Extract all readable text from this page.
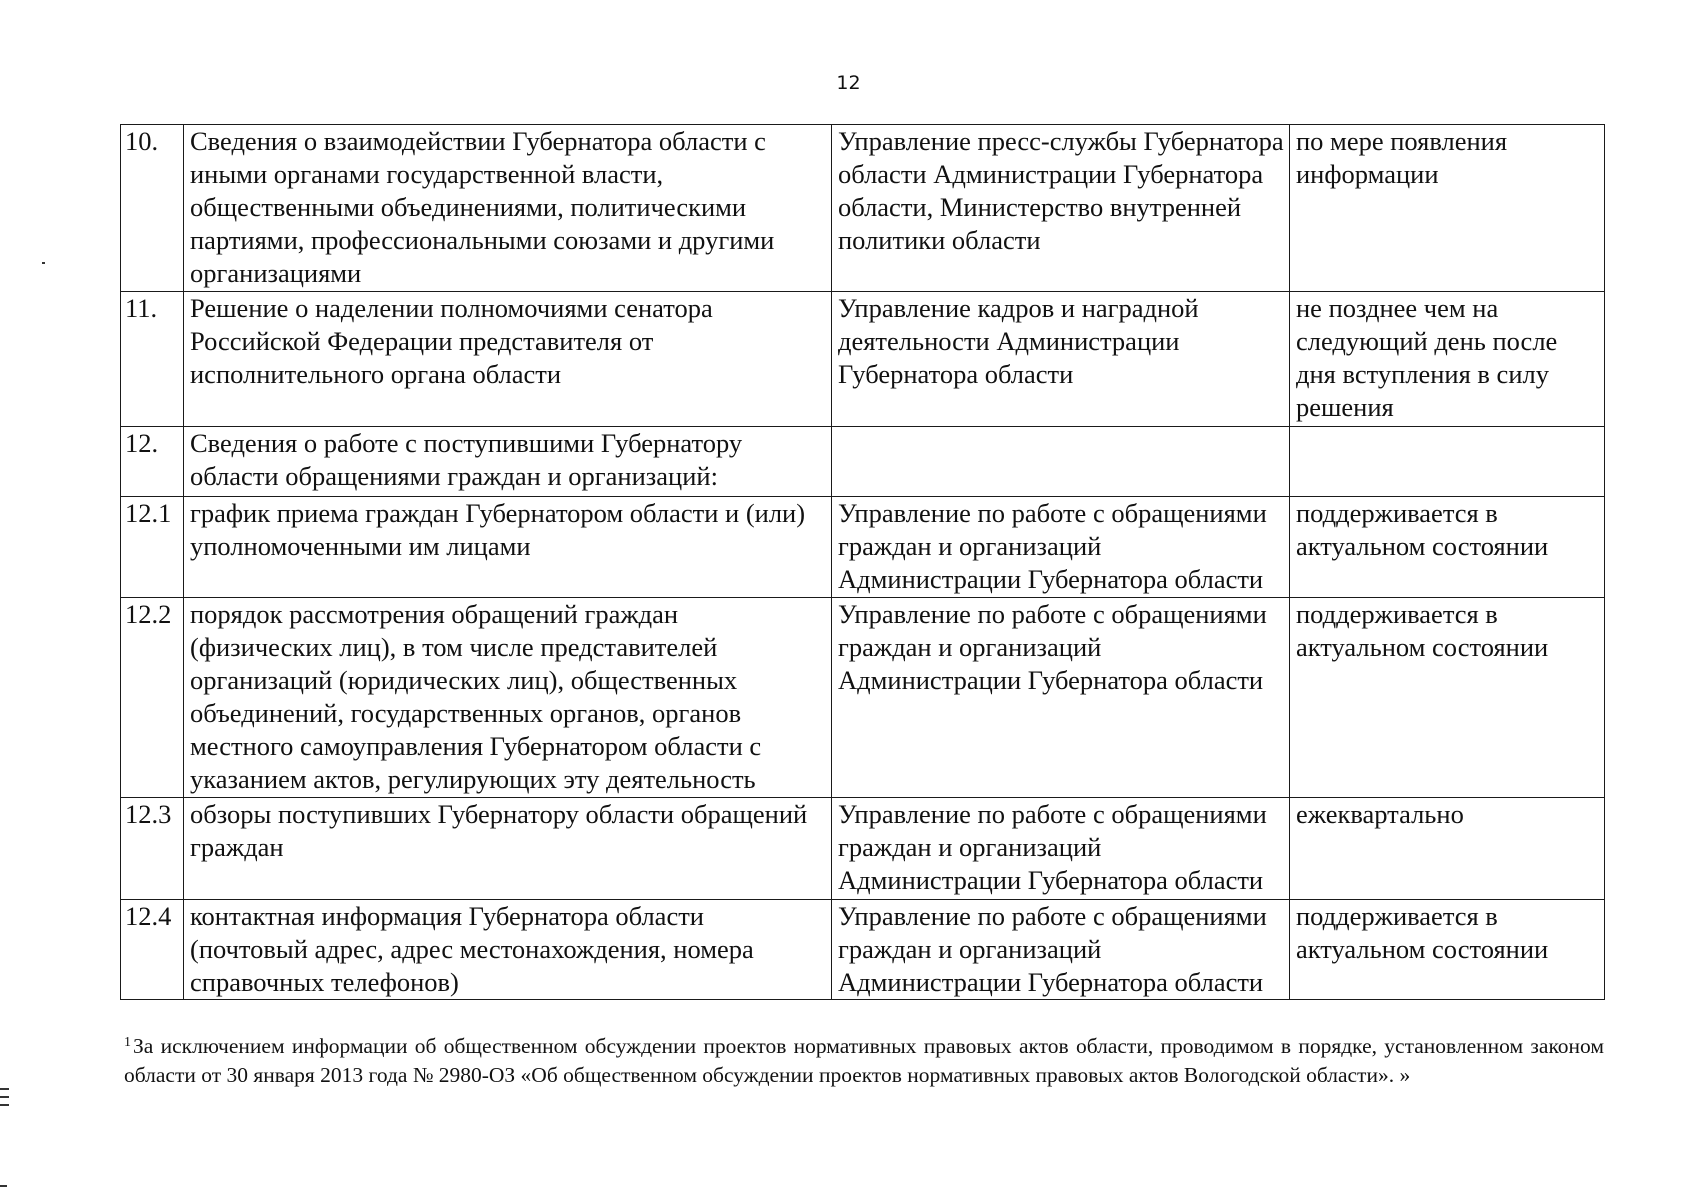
12
10.	Сведения о взаимодействии Губернатора области с иными органами государственной власти, общественными объединениями, политическими партиями, профессиональными союзами и другими организациями	Управление пресс-службы Губернатора области Администрации Губернатора области, Министерство внутренней политики области	по мере появления информации

11.	Решение о наделении полномочиями сенатора Российской Федерации представителя от исполнительного органа области	Управление кадров и наградной деятельности Администрации Губернатора области	не позднее чем на следующий день после дня вступления в силу решения

12.	Сведения о работе с поступившими Губернатору области обращениями граждан и организаций:		

12.1	график приема граждан Губернатором области и (или) уполномоченными им лицами	Управление по работе с обращениями граждан и организаций Администрации Губернатора области	поддерживается в актуальном состоянии

12.2	порядок рассмотрения обращений граждан (физических лиц), в том числе представителей организаций (юридических лиц), общественных объединений, государственных органов, органов местного самоуправления Губернатором области с указанием актов, регулирующих эту деятельность	Управление по работе с обращениями граждан и организаций Администрации Губернатора области	поддерживается в актуальном состоянии

12.3	обзоры поступивших Губернатору области обращений граждан	Управление по работе с обращениями граждан и организаций Администрации Губернатора области	ежеквартально

12.4	контактная информация Губернатора области (почтовый адрес, адрес местонахождения, номера справочных телефонов)	Управление по работе с обращениями граждан и организаций Администрации Губернатора области	поддерживается в актуальном состоянии
$^1$За исключением информации об общественном обсуждении проектов нормативных правовых актов области, проводимом в порядке, установленном законом области от 30 января 2013 года № 2980-ОЗ «Об общественном обсуждении проектов нормативных правовых актов Вологодской области». »
